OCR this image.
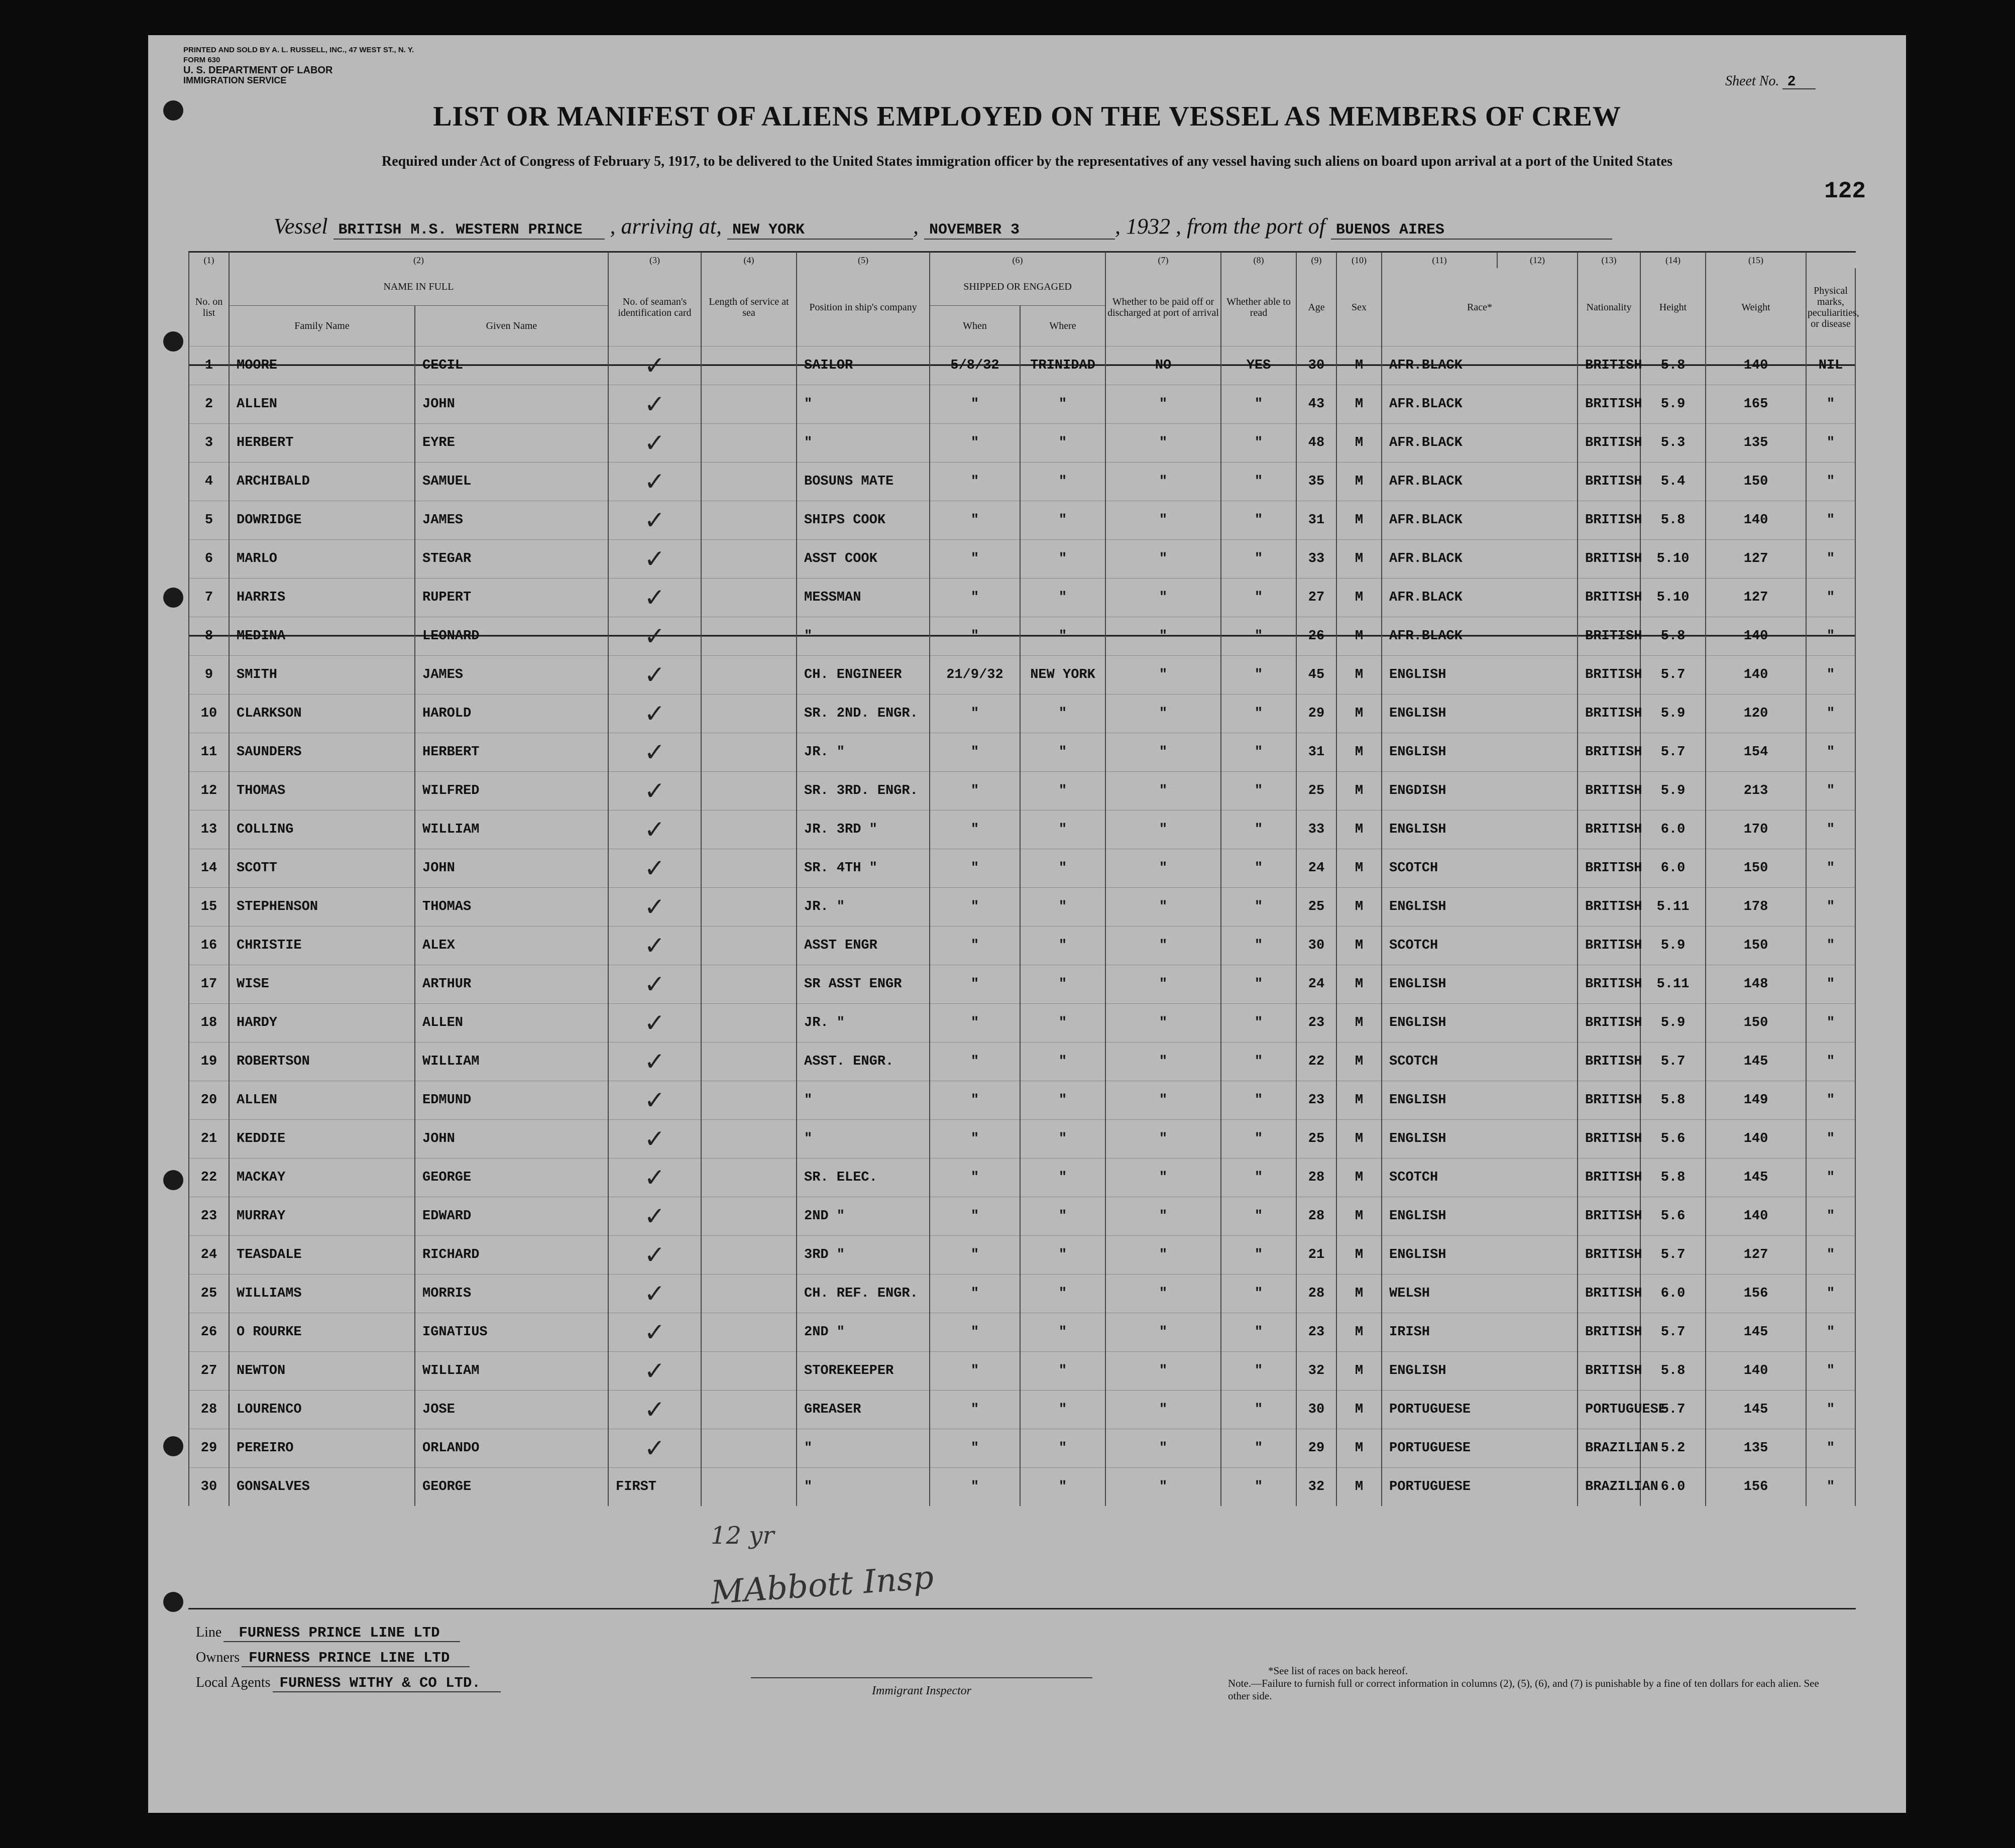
PRINTED AND SOLD BY A. L. RUSSELL, INC., 47 WEST ST., N. Y.
FORM 630
U. S. DEPARTMENT OF LABOR
IMMIGRATION SERVICE	Sheet No. 2
LIST OR MANIFEST OF ALIENS EMPLOYED ON THE VESSEL AS MEMBERS OF CREW
Required under Act of Congress of February 5, 1917, to be delivered to the United States immigration officer by the representatives of any vessel having such aliens on board upon arrival at a port of the United States
122
Vessel BRITISH M.S. WESTERN PRINCE , arriving at, NEW YORK	, NOVEMBER 3	, 1932 , from the port of BUENOS AIRES
(1)	(2)		(3)	(4)	(5)	(6)		(7)	(8)	(9)	(10)	(11)	(12)	(13)	(14)	(15)	
No. on list	NAME IN FULL		No. of seaman's identification card	Length of service at sea	Position in ship's company	SHIPPED OR ENGAGED		Whether to be paid off or discharged at port of arrival	Whether able to read	Age	Sex	Race*		Nationality	Height	Weight	Physical marks, peculiarities, or disease
	Family Name	Given Name				When	Where										
1	MOORE	CECIL	✓		SAILOR	5/8/32	TRINIDAD	NO	YES	30	M	AFR.BLACK		BRITISH	5.8	140	NIL
2	ALLEN	JOHN	✓		"	"	"	"	"	43	M	AFR.BLACK		BRITISH	5.9	165	"
3	HERBERT	EYRE	✓		"	"	"	"	"	48	M	AFR.BLACK		BRITISH	5.3	135	"
4	ARCHIBALD	SAMUEL	✓		BOSUNS MATE	"	"	"	"	35	M	AFR.BLACK		BRITISH	5.4	150	"
5	DOWRIDGE	JAMES	✓		SHIPS COOK	"	"	"	"	31	M	AFR.BLACK		BRITISH	5.8	140	"
6	MARLO	STEGAR	✓		ASST COOK	"	"	"	"	33	M	AFR.BLACK		BRITISH	5.10	127	"
7	HARRIS	RUPERT	✓		MESSMAN	"	"	"	"	27	M	AFR.BLACK		BRITISH	5.10	127	"
8	MEDINA	LEONARD	✓		"	"	"	"	"	26	M	AFR.BLACK		BRITISH	5.8	140	"
9	SMITH	JAMES	✓		CH. ENGINEER	21/9/32	NEW YORK	"	"	45	M	ENGLISH		BRITISH	5.7	140	"
10	CLARKSON	HAROLD	✓		SR. 2ND. ENGR.	"	"	"	"	29	M	ENGLISH		BRITISH	5.9	120	"
11	SAUNDERS	HERBERT	✓		JR. "	"	"	"	"	31	M	ENGLISH		BRITISH	5.7	154	"
12	THOMAS	WILFRED	✓		SR. 3RD. ENGR.	"	"	"	"	25	M	ENGDISH		BRITISH	5.9	213	"
13	COLLING	WILLIAM	✓		JR. 3RD "	"	"	"	"	33	M	ENGLISH		BRITISH	6.0	170	"
14	SCOTT	JOHN	✓		SR. 4TH "	"	"	"	"	24	M	SCOTCH		BRITISH	6.0	150	"
15	STEPHENSON	THOMAS	✓		JR. "	"	"	"	"	25	M	ENGLISH		BRITISH	5.11	178	"
16	CHRISTIE	ALEX	✓		ASST ENGR	"	"	"	"	30	M	SCOTCH		BRITISH	5.9	150	"
17	WISE	ARTHUR	✓		SR ASST ENGR	"	"	"	"	24	M	ENGLISH		BRITISH	5.11	148	"
18	HARDY	ALLEN	✓		JR. "	"	"	"	"	23	M	ENGLISH		BRITISH	5.9	150	"
19	ROBERTSON	WILLIAM	✓		ASST. ENGR.	"	"	"	"	22	M	SCOTCH		BRITISH	5.7	145	"
20	ALLEN	EDMUND	✓		"	"	"	"	"	23	M	ENGLISH		BRITISH	5.8	149	"
21	KEDDIE	JOHN	✓		"	"	"	"	"	25	M	ENGLISH		BRITISH	5.6	140	"
22	MACKAY	GEORGE	✓		SR. ELEC.	"	"	"	"	28	M	SCOTCH		BRITISH	5.8	145	"
23	MURRAY	EDWARD	✓		2ND "	"	"	"	"	28	M	ENGLISH		BRITISH	5.6	140	"
24	TEASDALE	RICHARD	✓		3RD "	"	"	"	"	21	M	ENGLISH		BRITISH	5.7	127	"
25	WILLIAMS	MORRIS	✓		CH. REF. ENGR.	"	"	"	"	28	M	WELSH		BRITISH	6.0	156	"
26	O ROURKE	IGNATIUS	✓		2ND "	"	"	"	"	23	M	IRISH		BRITISH	5.7	145	"
27	NEWTON	WILLIAM	✓		STOREKEEPER	"	"	"	"	32	M	ENGLISH		BRITISH	5.8	140	"
28	LOURENCO	JOSE	✓		GREASER	"	"	"	"	30	M	PORTUGUESE		PORTUGUESE	5.7	145	"
29	PEREIRO	ORLANDO	✓		"	"	"	"	"	29	M	PORTUGUESE		BRAZILIAN	5.2	135	"
30	GONSALVES	GEORGE	FIRST		"	"	"	"	"	32	M	PORTUGUESE		BRAZILIAN	6.0	156	"
12 yr
MAbbott Insp
Line FURNESS PRINCE LINE LTD
Owners FURNESS PRINCE LINE LTD
Local Agents FURNESS WITHY & CO LTD.	Immigrant Inspector
*See list of races on back hereof.
Note.—Failure to furnish full or correct information in columns (2), (5), (6), and (7) is punishable by a fine of ten dollars for each alien. See other side.
